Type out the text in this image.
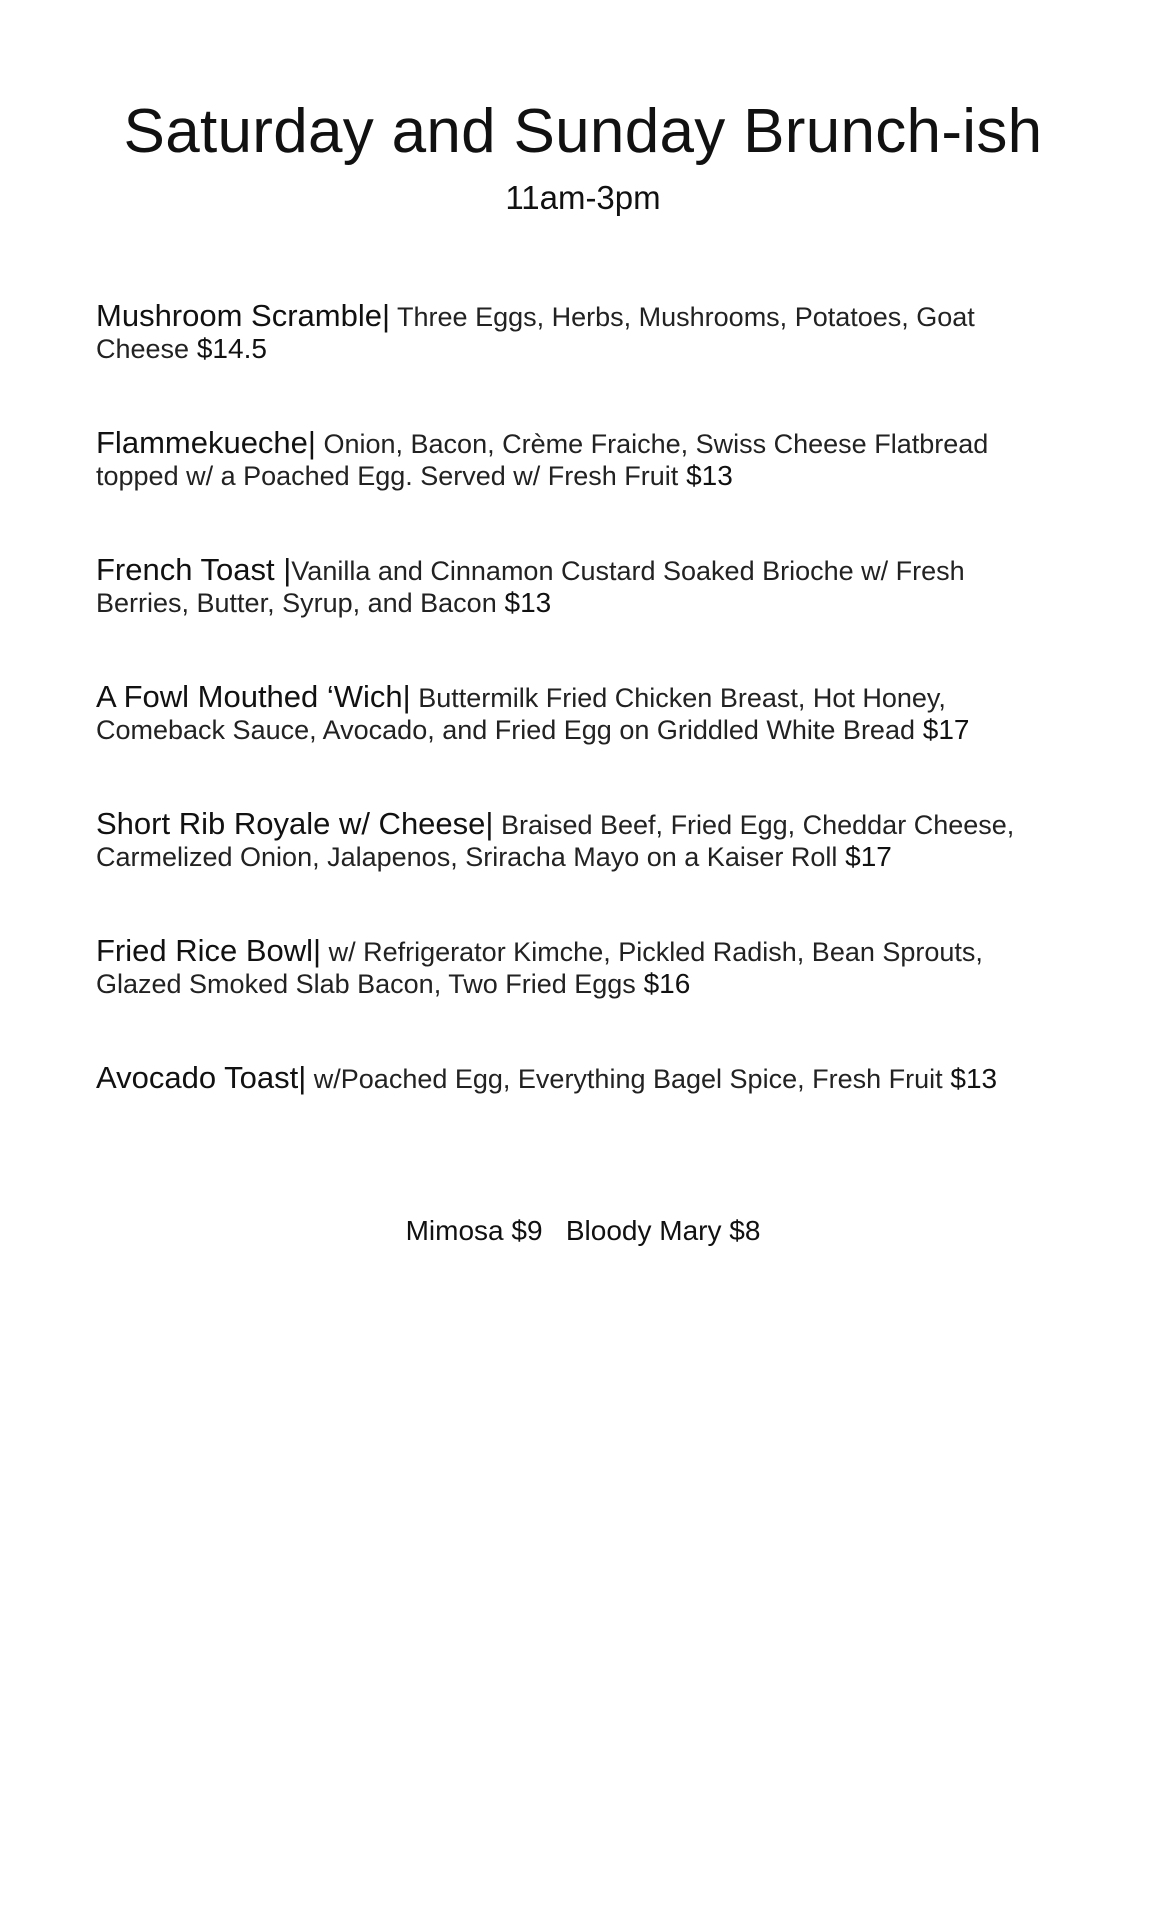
Saturday and Sunday Brunch-ish
11am-3pm
Mushroom Scramble| Three Eggs, Herbs, Mushrooms, Potatoes, Goat Cheese $14.5
Flammekueche| Onion, Bacon, Crème Fraiche, Swiss Cheese Flatbread topped w/ a Poached Egg. Served w/ Fresh Fruit $13
French Toast |Vanilla and Cinnamon Custard Soaked Brioche w/ Fresh Berries, Butter, Syrup, and Bacon $13
A Fowl Mouthed ‘Wich| Buttermilk Fried Chicken Breast, Hot Honey, Comeback Sauce, Avocado, and Fried Egg on Griddled White Bread $17
Short Rib Royale w/ Cheese| Braised Beef, Fried Egg, Cheddar Cheese, Carmelized Onion, Jalapenos, Sriracha Mayo on a Kaiser Roll $17
Fried Rice Bowl| w/ Refrigerator Kimche, Pickled Radish, Bean Sprouts, Glazed Smoked Slab Bacon, Two Fried Eggs $16
Avocado Toast| w/Poached Egg, Everything Bagel Spice, Fresh Fruit $13
Mimosa $9 Bloody Mary $8
